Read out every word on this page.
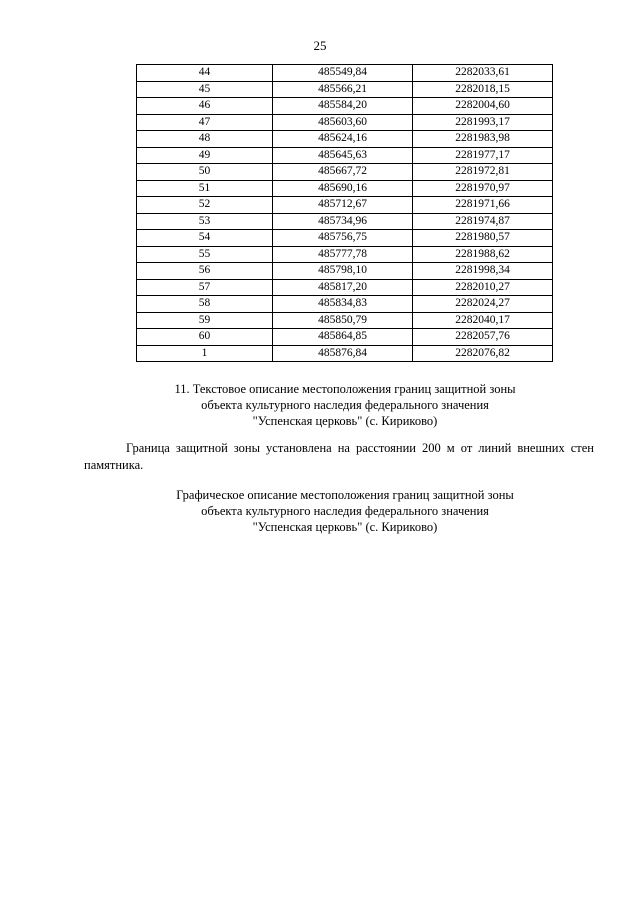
25
44	485549,84	2282033,61
45	485566,21	2282018,15
46	485584,20	2282004,60
47	485603,60	2281993,17
48	485624,16	2281983,98
49	485645,63	2281977,17
50	485667,72	2281972,81
51	485690,16	2281970,97
52	485712,67	2281971,66
53	485734,96	2281974,87
54	485756,75	2281980,57
55	485777,78	2281988,62
56	485798,10	2281998,34
57	485817,20	2282010,27
58	485834,83	2282024,27
59	485850,79	2282040,17
60	485864,85	2282057,76
1	485876,84	2282076,82
11. Текстовое описание местоположения границ защитной зоны
объекта культурного наследия федерального значения
"Успенская церковь" (с. Кириково)
Граница защитной зоны установлена на расстоянии 200 м от линий внешних стен памятника.
Графическое описание местоположения границ защитной зоны
объекта культурного наследия федерального значения
"Успенская церковь" (с. Кириково)
